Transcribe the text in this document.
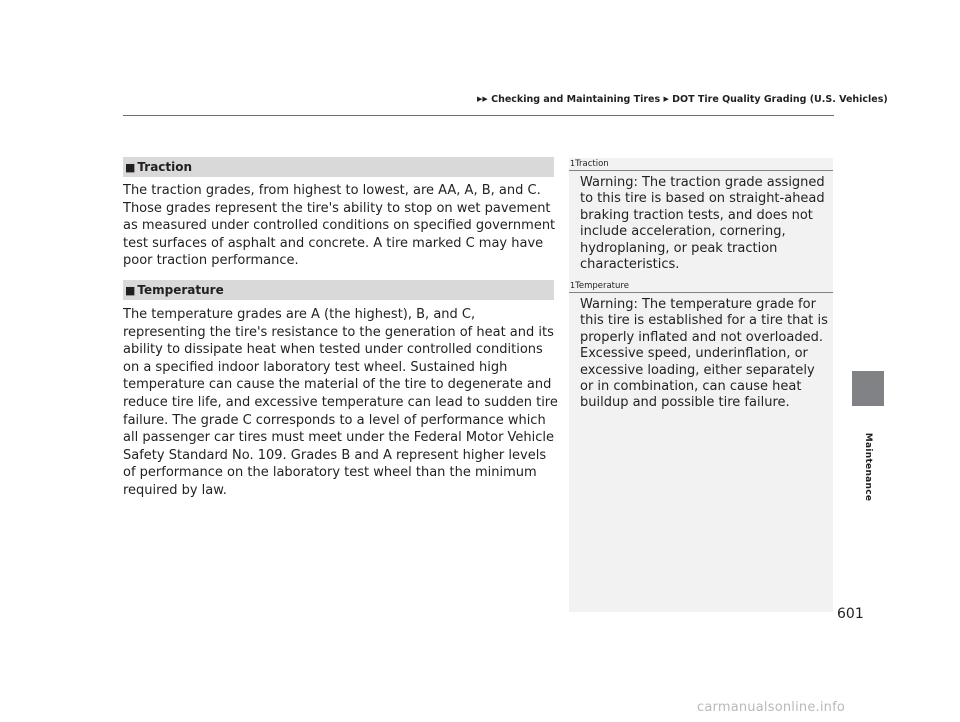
▶▶ Checking and Maintaining Tires ▶ DOT Tire Quality Grading (U.S. Vehicles)
■ Traction

The traction grades, from highest to lowest, are AA, A, B, and C. Those grades represent the tire's ability to stop on wet pavement as measured under controlled conditions on specified government test surfaces of asphalt and concrete. A tire marked C may have poor traction performance.

■ Temperature

The temperature grades are A (the highest), B, and C, representing the tire's resistance to the generation of heat and its ability to dissipate heat when tested under controlled conditions on a specified indoor laboratory test wheel. Sustained high temperature can cause the material of the tire to degenerate and reduce tire life, and excessive temperature can lead to sudden tire failure. The grade C corresponds to a level of performance which all passenger car tires must meet under the Federal Motor Vehicle Safety Standard No. 109. Grades B and A represent higher levels of performance on the laboratory test wheel than the minimum required by law.

1Traction

Warning: The traction grade assigned to this tire is based on straight-ahead braking traction tests, and does not include acceleration, cornering, hydroplaning, or peak traction characteristics.

1Temperature

Warning: The temperature grade for this tire is established for a tire that is properly inflated and not overloaded. Excessive speed, underinflation, or excessive loading, either separately or in combination, can cause heat buildup and possible tire failure.

Maintenance
601
carmanualsonline.info
